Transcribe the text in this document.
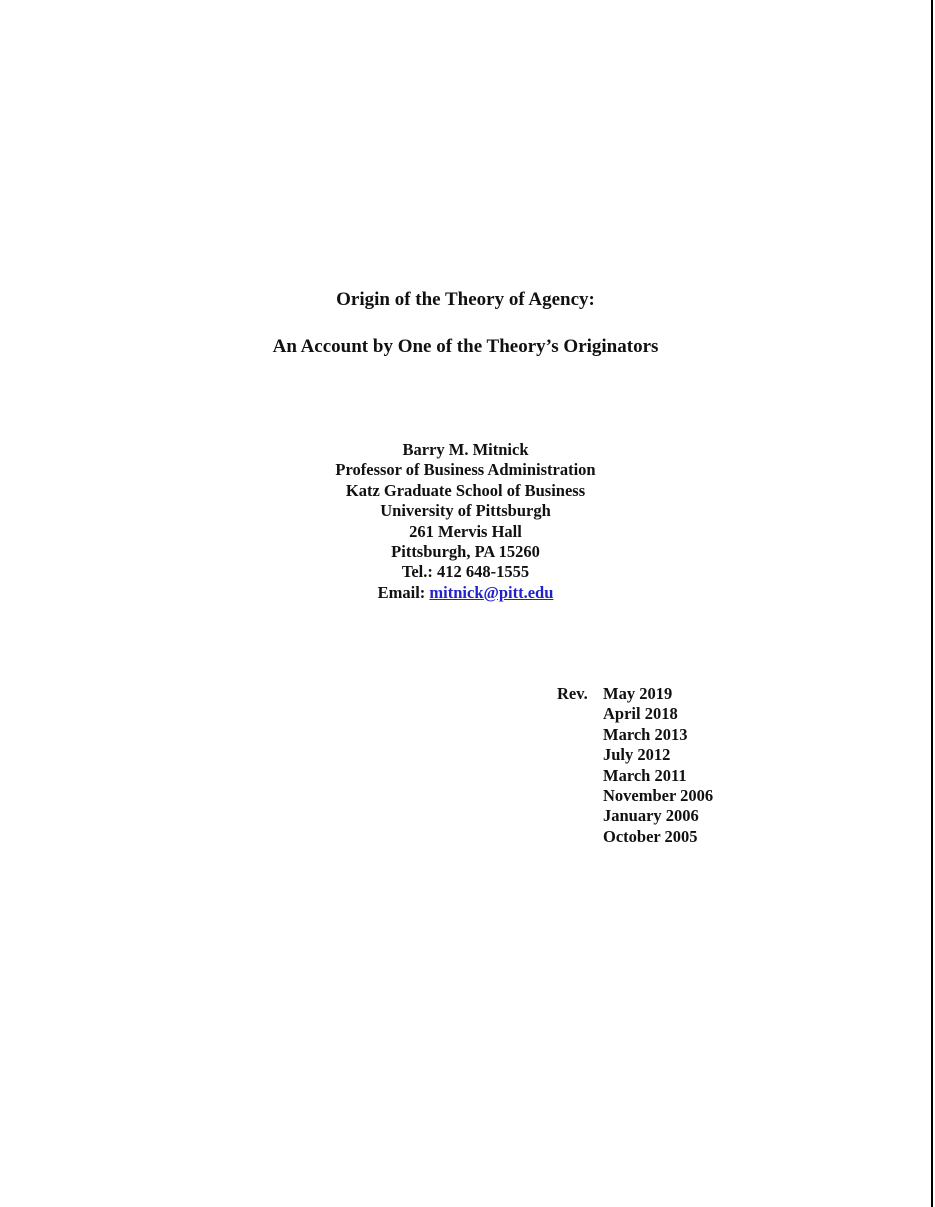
Origin of the Theory of Agency:
An Account by One of the Theory’s Originators
Barry M. Mitnick
Professor of Business Administration
Katz Graduate School of Business
University of Pittsburgh
261 Mervis Hall
Pittsburgh, PA 15260
Tel.: 412 648-1555
Email: mitnick@pitt.edu
Rev. May 2019
April 2018
March 2013
July 2012
March 2011
November 2006
January 2006
October 2005
